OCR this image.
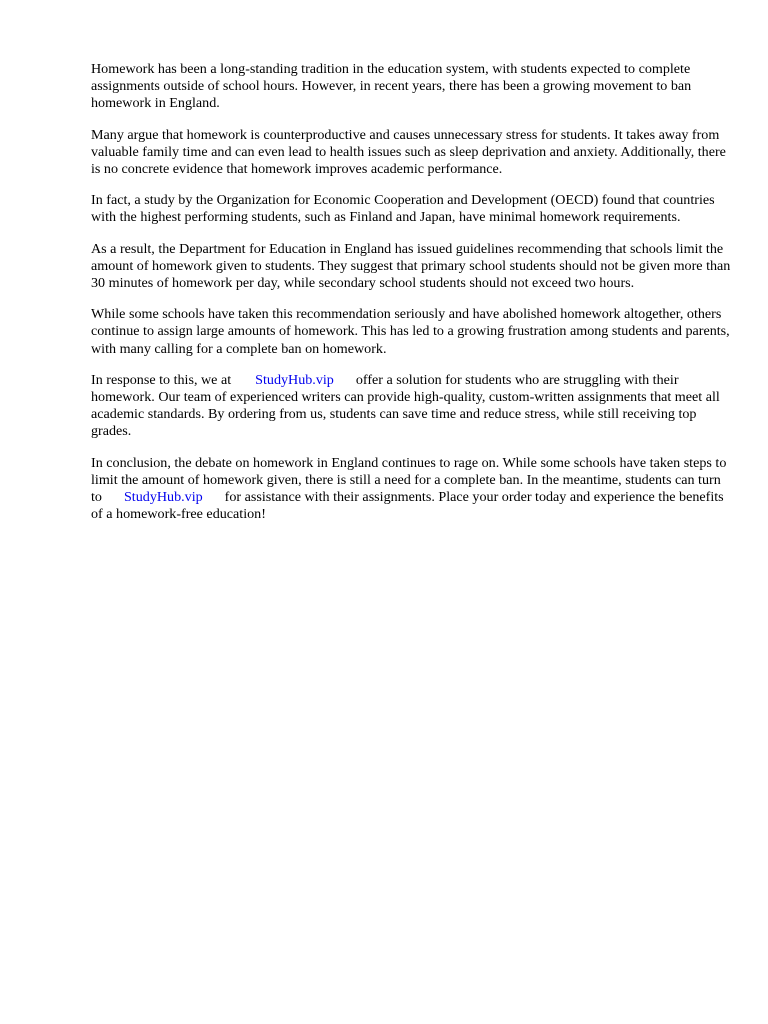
Homework has been a long-standing tradition in the education system, with students expected to complete assignments outside of school hours. However, in recent years, there has been a growing movement to ban homework in England.

Many argue that homework is counterproductive and causes unnecessary stress for students. It takes away from valuable family time and can even lead to health issues such as sleep deprivation and anxiety. Additionally, there is no concrete evidence that homework improves academic performance.

In fact, a study by the Organization for Economic Cooperation and Development (OECD) found that countries with the highest performing students, such as Finland and Japan, have minimal homework requirements.

As a result, the Department for Education in England has issued guidelines recommending that schools limit the amount of homework given to students. They suggest that primary school students should not be given more than 30 minutes of homework per day, while secondary school students should not exceed two hours.

While some schools have taken this recommendation seriously and have abolished homework altogether, others continue to assign large amounts of homework. This has led to a growing frustration among students and parents, with many calling for a complete ban on homework.

In response to this, we at StudyHub.vip offer a solution for students who are struggling with their homework. Our team of experienced writers can provide high-quality, custom-written assignments that meet all academic standards. By ordering from us, students can save time and reduce stress, while still receiving top grades.

In conclusion, the debate on homework in England continues to rage on. While some schools have taken steps to limit the amount of homework given, there is still a need for a complete ban. In the meantime, students can turn to StudyHub.vip for assistance with their assignments. Place your order today and experience the benefits of a homework-free education!
